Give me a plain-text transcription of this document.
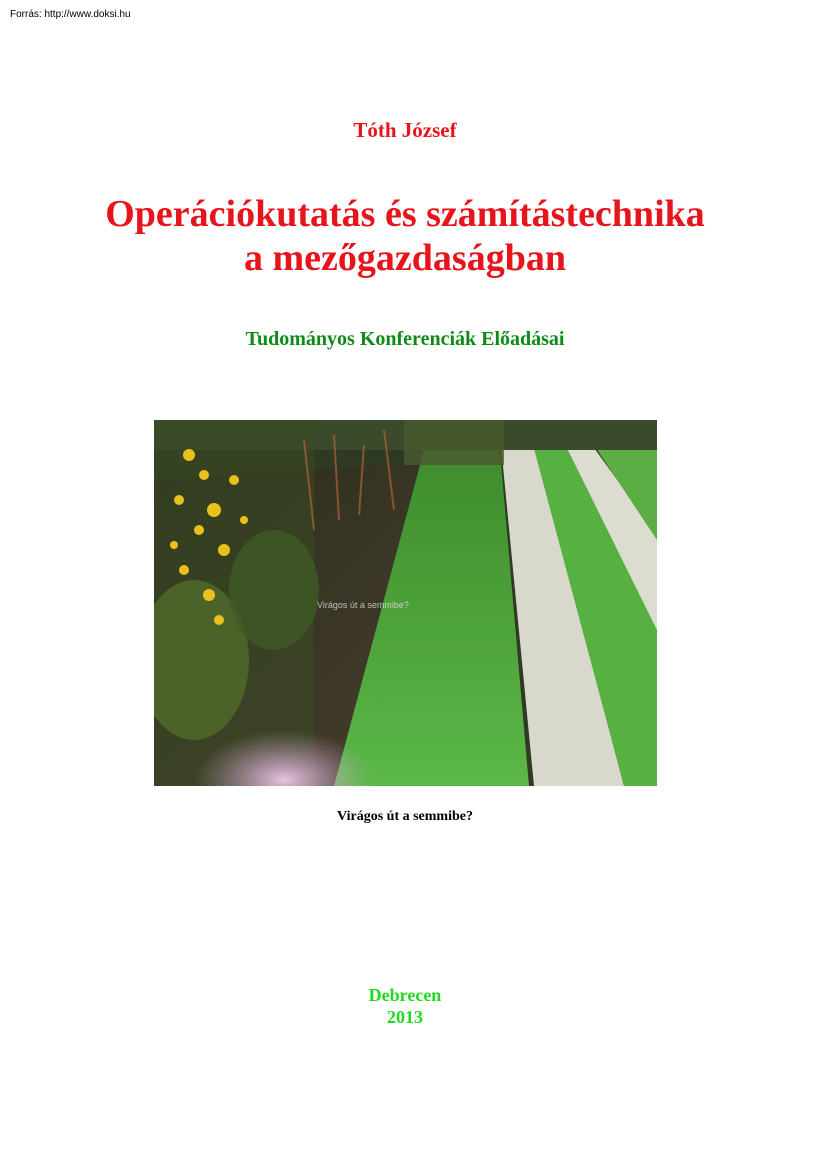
Forrás: http://www.doksi.hu
Tóth József
Operációkutatás és számítástechnika
a mezőgazdaságban
Tudományos Konferenciák Előadásai
Virágos út a semmibe?
Virágos út a semmibe?
Debrecen
2013
